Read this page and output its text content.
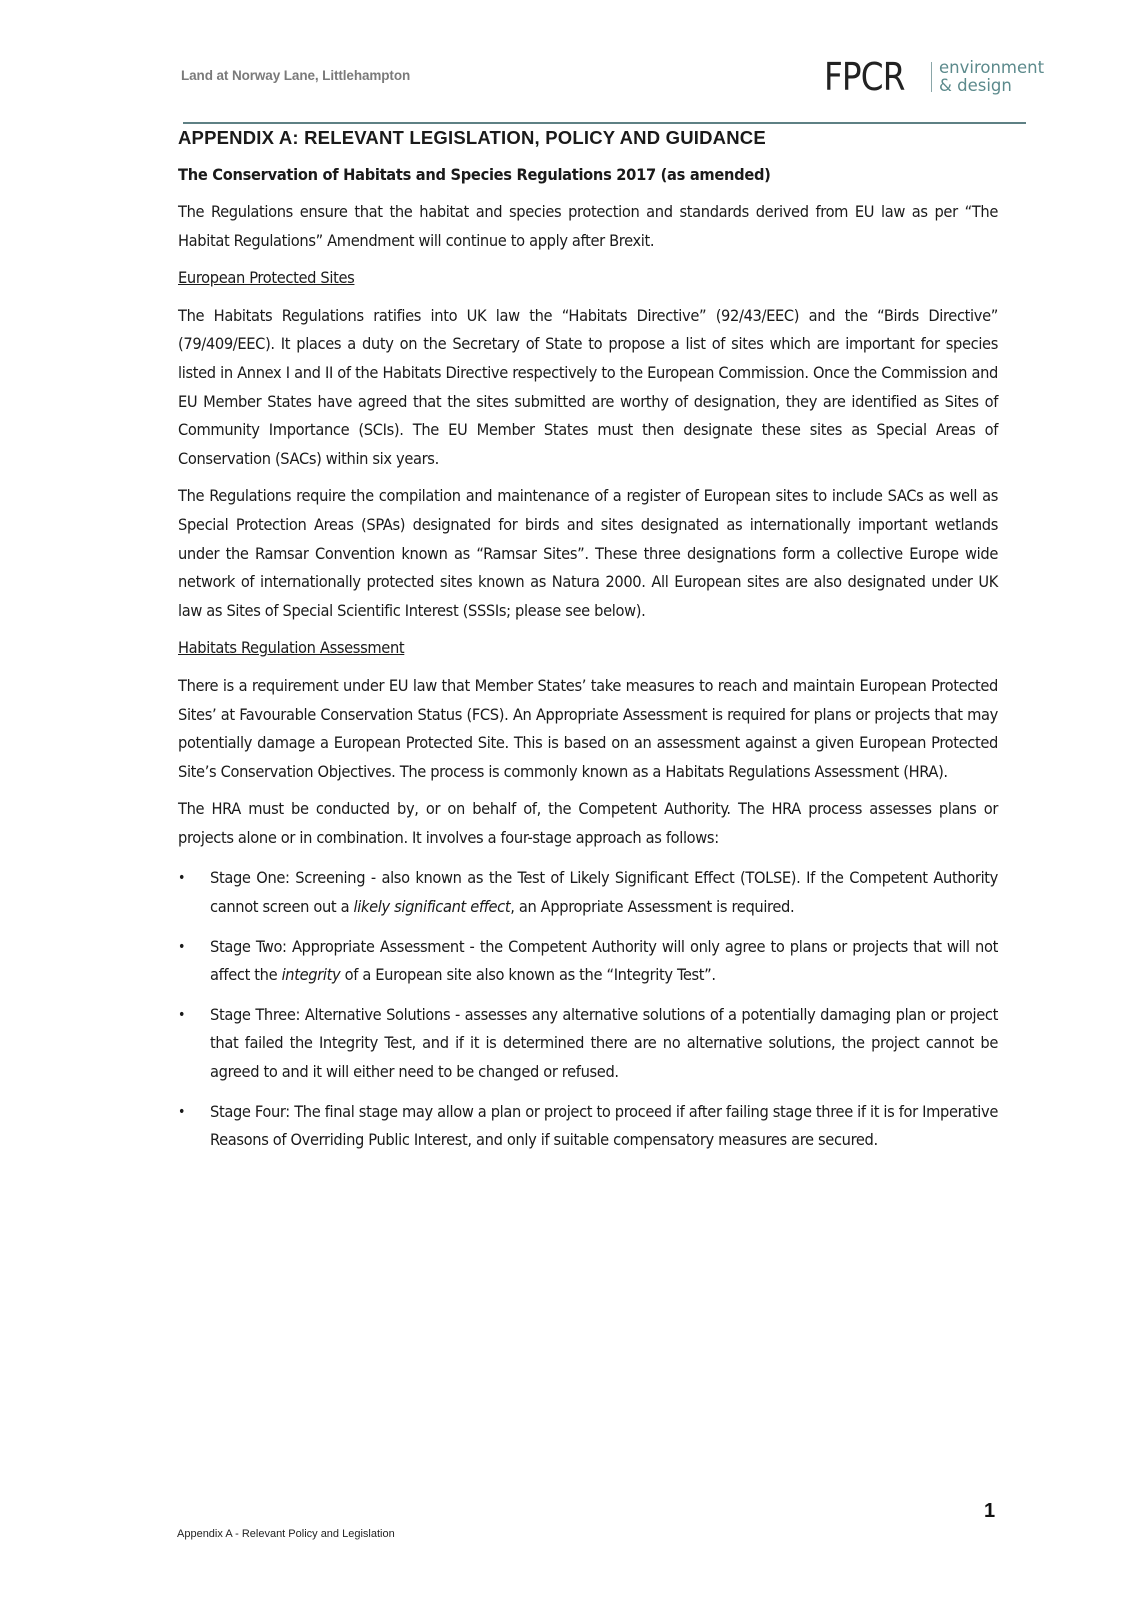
Land at Norway Lane, Littlehampton	FPCR	environment
& design
APPENDIX A: RELEVANT LEGISLATION, POLICY AND GUIDANCE
The Conservation of Habitats and Species Regulations 2017 (as amended)

The Regulations ensure that the habitat and species protection and standards derived from EU law as per “The Habitat Regulations” Amendment will continue to apply after Brexit.

European Protected Sites

The Habitats Regulations ratifies into UK law the “Habitats Directive” (92/43/EEC) and the “Birds Directive” (79/409/EEC). It places a duty on the Secretary of State to propose a list of sites which are important for species listed in Annex I and II of the Habitats Directive respectively to the European Commission. Once the Commission and EU Member States have agreed that the sites submitted are worthy of designation, they are identified as Sites of Community Importance (SCIs). The EU Member States must then designate these sites as Special Areas of Conservation (SACs) within six years.

The Regulations require the compilation and maintenance of a register of European sites to include SACs as well as Special Protection Areas (SPAs) designated for birds and sites designated as internationally important wetlands under the Ramsar Convention known as “Ramsar Sites”. These three designations form a collective Europe wide network of internationally protected sites known as Natura 2000. All European sites are also designated under UK law as Sites of Special Scientific Interest (SSSIs; please see below).

Habitats Regulation Assessment

There is a requirement under EU law that Member States’ take measures to reach and maintain European Protected Sites’ at Favourable Conservation Status (FCS). An Appropriate Assessment is required for plans or projects that may potentially damage a European Protected Site. This is based on an assessment against a given European Protected Site’s Conservation Objectives. The process is commonly known as a Habitats Regulations Assessment (HRA).

The HRA must be conducted by, or on behalf of, the Competent Authority. The HRA process assesses plans or projects alone or in combination. It involves a four-stage approach as follows:

•	Stage One: Screening - also known as the Test of Likely Significant Effect (TOLSE). If the Competent Authority cannot screen out a likely significant effect, an Appropriate Assessment is required.
•	Stage Two: Appropriate Assessment - the Competent Authority will only agree to plans or projects that will not affect the integrity of a European site also known as the “Integrity Test”.
•	Stage Three: Alternative Solutions - assesses any alternative solutions of a potentially damaging plan or project that failed the Integrity Test, and if it is determined there are no alternative solutions, the project cannot be agreed to and it will either need to be changed or refused.
•	Stage Four: The final stage may allow a plan or project to proceed if after failing stage three if it is for Imperative Reasons of Overriding Public Interest, and only if suitable compensatory measures are secured.
Appendix A - Relevant Policy and Legislation
1
